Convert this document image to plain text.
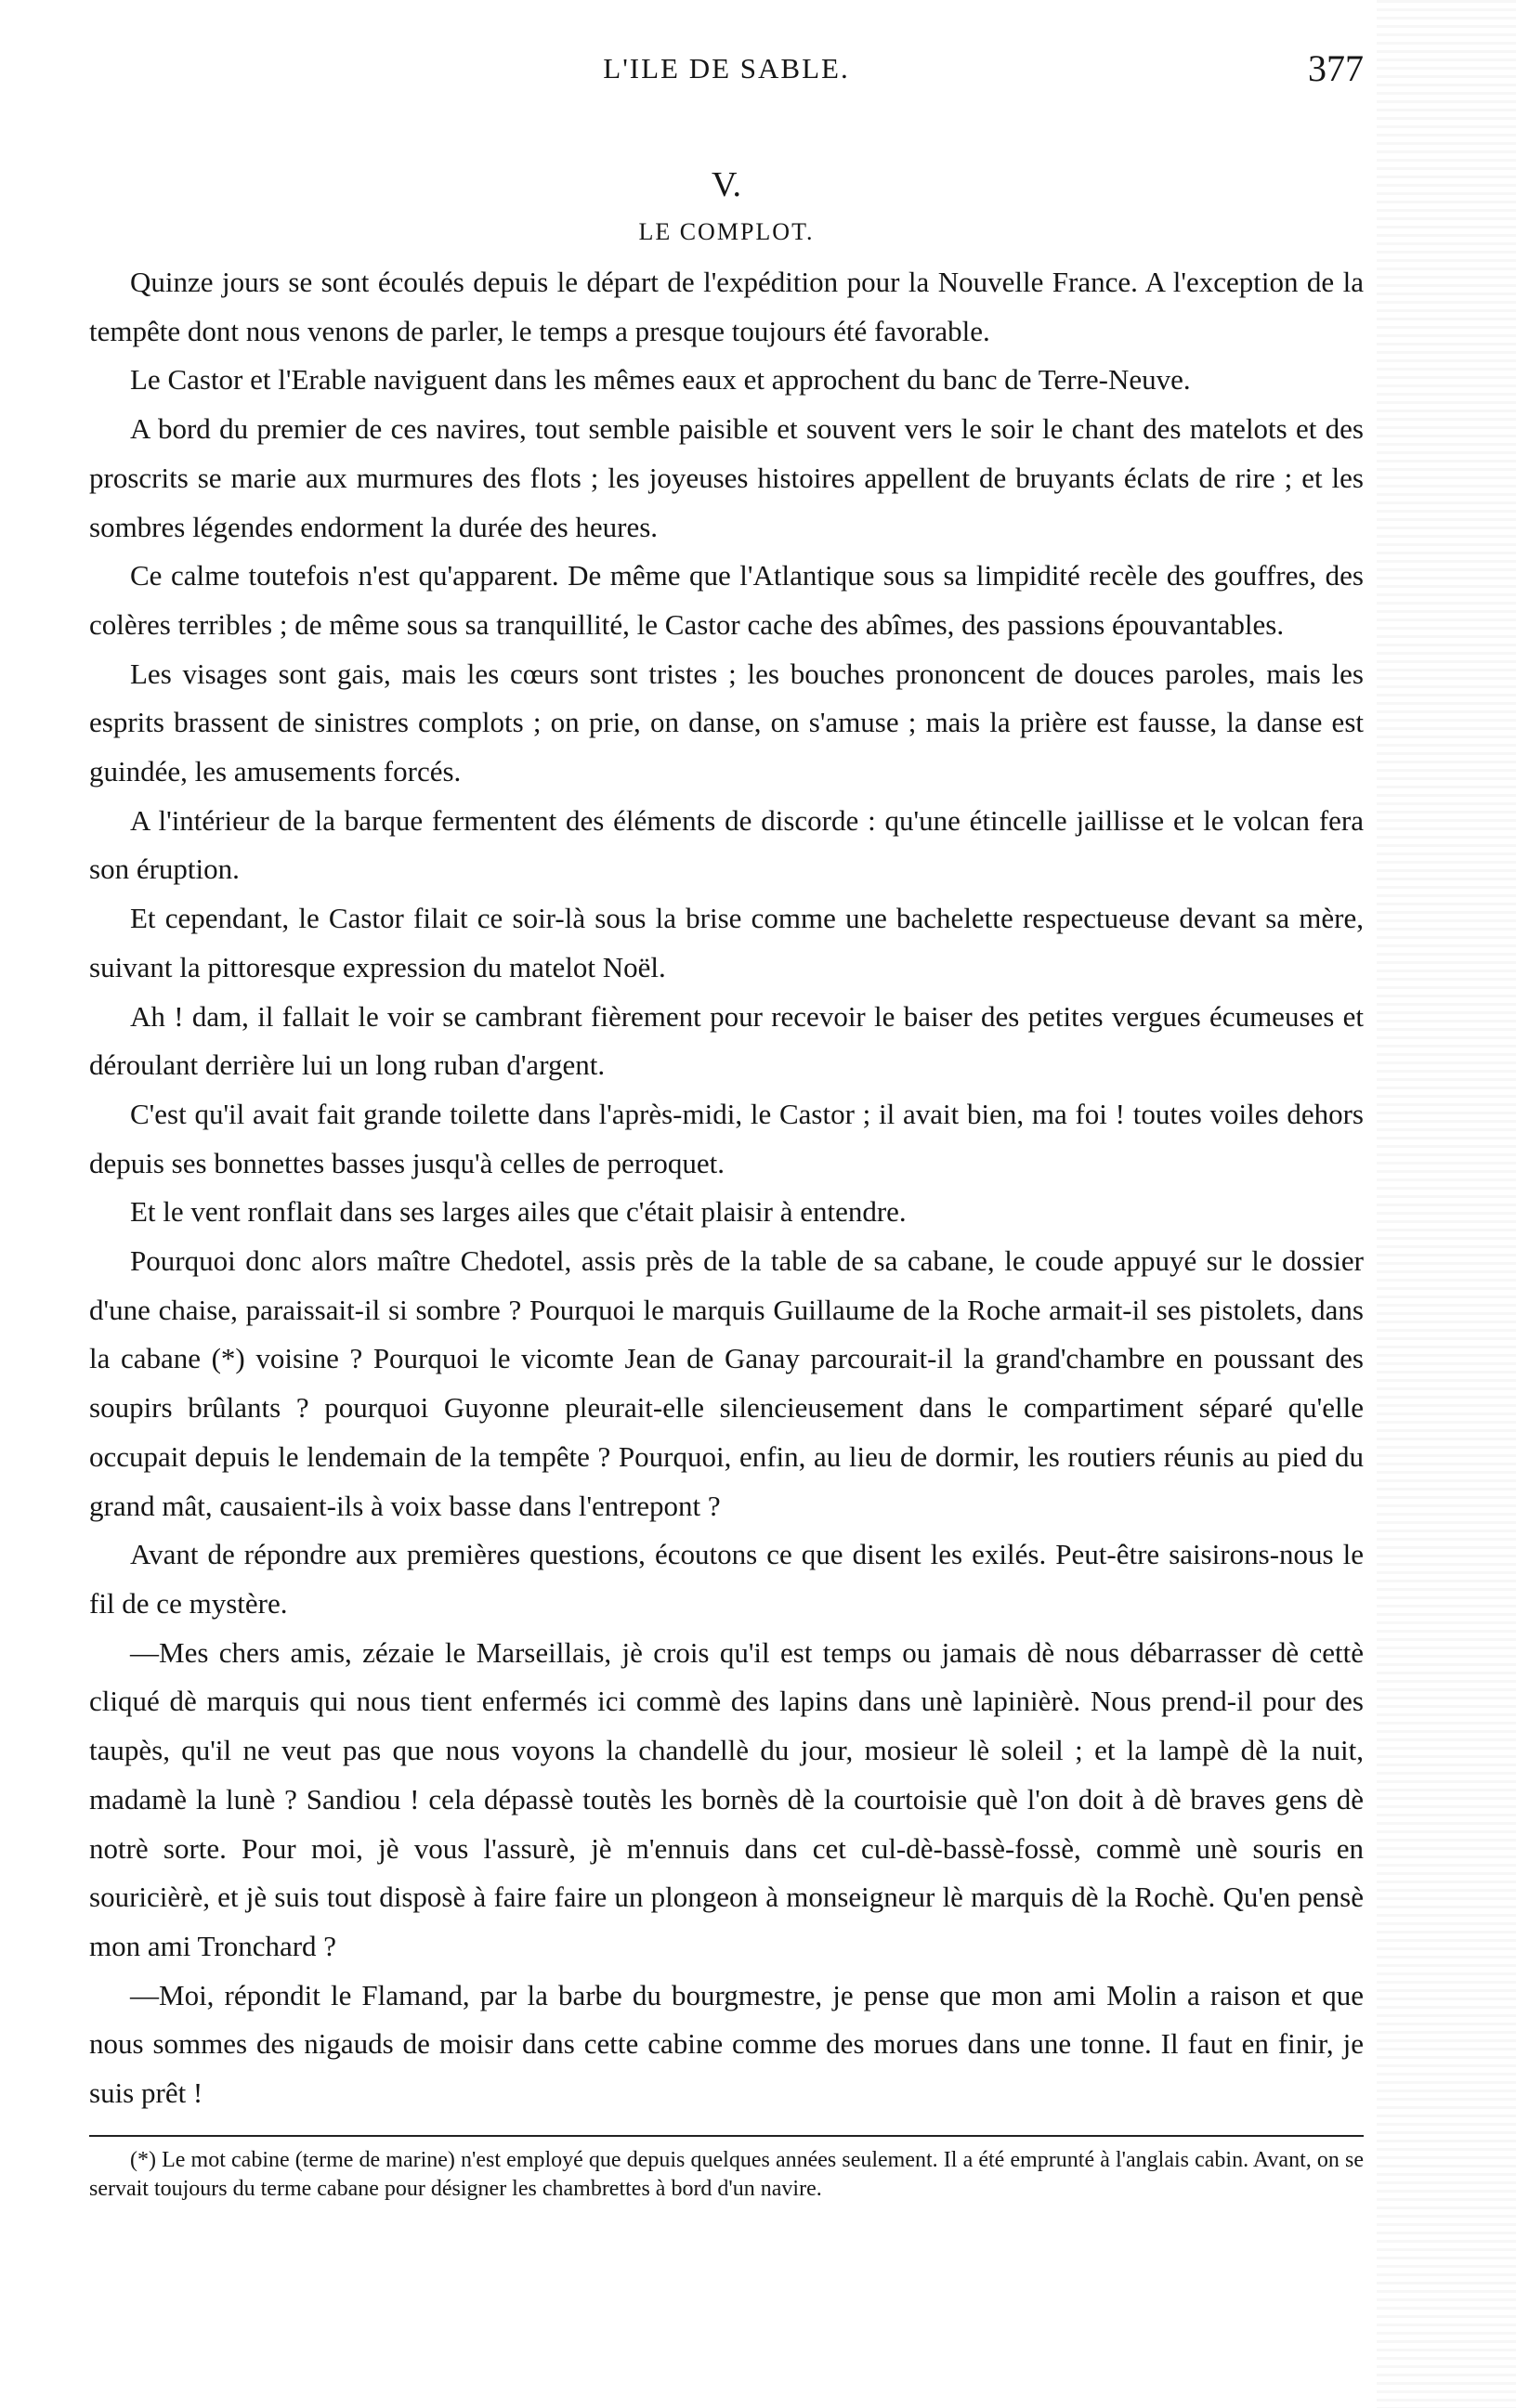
L'ILE DE SABLE.	377
V.
LE COMPLOT.

Quinze jours se sont écoulés depuis le départ de l'expédition pour la Nouvelle France. A l'exception de la tempête dont nous venons de parler, le temps a presque toujours été favorable.

Le Castor et l'Erable naviguent dans les mêmes eaux et approchent du banc de Terre-Neuve.

A bord du premier de ces navires, tout semble paisible et souvent vers le soir le chant des matelots et des proscrits se marie aux murmures des flots ; les joyeuses histoires appellent de bruyants éclats de rire ; et les sombres légendes endorment la durée des heures.

Ce calme toutefois n'est qu'apparent. De même que l'Atlantique sous sa limpidité recèle des gouffres, des colères terribles ; de même sous sa tranquillité, le Castor cache des abîmes, des passions épouvantables.

Les visages sont gais, mais les cœurs sont tristes ; les bouches prononcent de douces paroles, mais les esprits brassent de sinistres complots ; on prie, on danse, on s'amuse ; mais la prière est fausse, la danse est guindée, les amusements forcés.

A l'intérieur de la barque fermentent des éléments de discorde : qu'une étincelle jaillisse et le volcan fera son éruption.

Et cependant, le Castor filait ce soir-là sous la brise comme une bachelette respectueuse devant sa mère, suivant la pittoresque expression du matelot Noël.

Ah ! dam, il fallait le voir se cambrant fièrement pour recevoir le baiser des petites vergues écumeuses et déroulant derrière lui un long ruban d'argent.

C'est qu'il avait fait grande toilette dans l'après-midi, le Castor ; il avait bien, ma foi ! toutes voiles dehors depuis ses bonnettes basses jusqu'à celles de perroquet.

Et le vent ronflait dans ses larges ailes que c'était plaisir à entendre.

Pourquoi donc alors maître Chedotel, assis près de la table de sa cabane, le coude appuyé sur le dossier d'une chaise, paraissait-il si sombre ? Pourquoi le marquis Guillaume de la Roche armait-il ses pistolets, dans la cabane (*) voisine ? Pourquoi le vicomte Jean de Ganay parcourait-il la grand'chambre en poussant des soupirs brûlants ? pourquoi Guyonne pleurait-elle silencieusement dans le compartiment séparé qu'elle occupait depuis le lendemain de la tempête ? Pourquoi, enfin, au lieu de dormir, les routiers réunis au pied du grand mât, causaient-ils à voix basse dans l'entrepont ?

Avant de répondre aux premières questions, écoutons ce que disent les exilés. Peut-être saisirons-nous le fil de ce mystère.

—Mes chers amis, zézaie le Marseillais, jè crois qu'il est temps ou jamais dè nous débarrasser dè cettè cliqué dè marquis qui nous tient enfermés ici commè des lapins dans unè lapinièrè. Nous prend-il pour des taupès, qu'il ne veut pas que nous voyons la chandellè du jour, mosieur lè soleil ; et la lampè dè la nuit, madamè la lunè ? Sandiou ! cela dépassè toutès les bornès dè la courtoisie què l'on doit à dè braves gens dè notrè sorte. Pour moi, jè vous l'assurè, jè m'ennuis dans cet cul-dè-bassè-fossè, commè unè souris en souricièrè, et jè suis tout disposè à faire faire un plongeon à monseigneur lè marquis dè la Rochè. Qu'en pensè mon ami Tronchard ?

—Moi, répondit le Flamand, par la barbe du bourgmestre, je pense que mon ami Molin a raison et que nous sommes des nigauds de moisir dans cette cabine comme des morues dans une tonne. Il faut en finir, je suis prêt !

(*) Le mot cabine (terme de marine) n'est employé que depuis quelques années seulement. Il a été emprunté à l'anglais cabin. Avant, on se servait toujours du terme cabane pour désigner les chambrettes à bord d'un navire.
